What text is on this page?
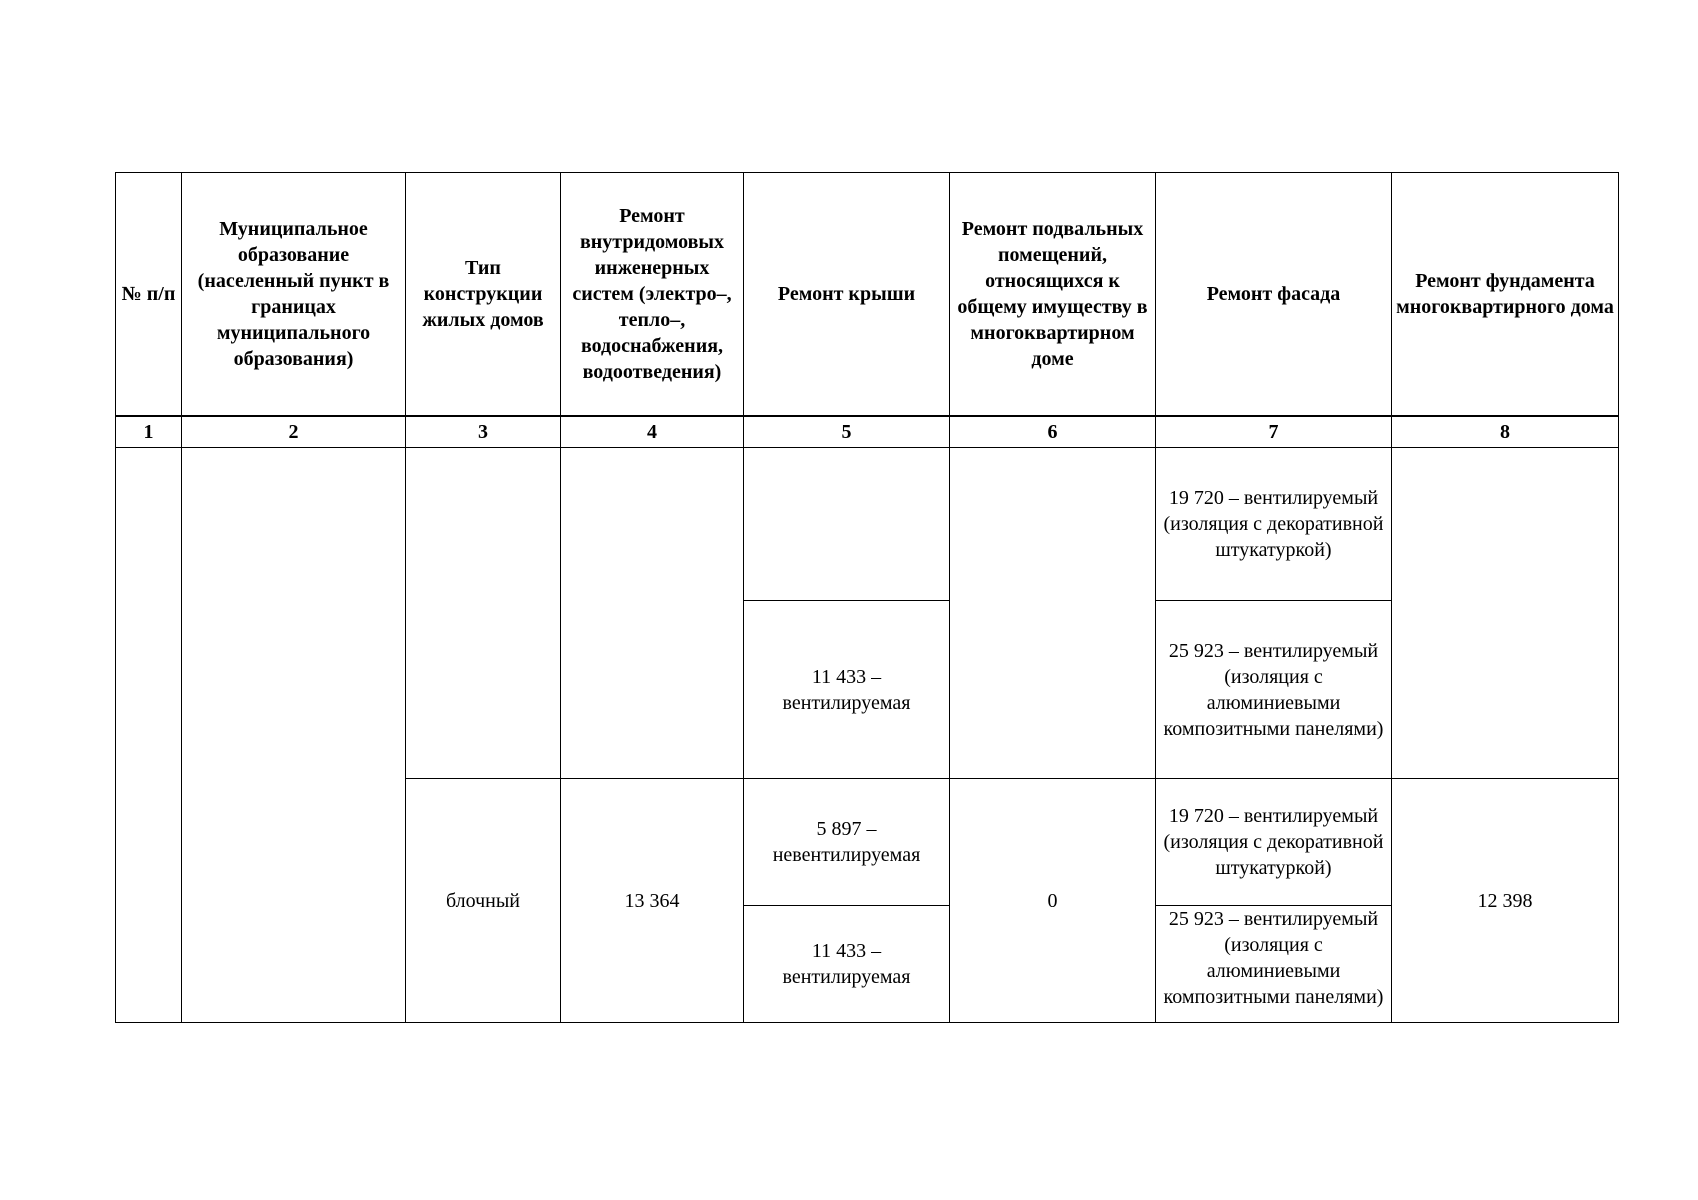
№ п/п	Муниципальное образование (населенный пункт в границах муниципального образования)	Тип конструкции жилых домов	Ремонт внутридомовых инженерных систем (электро–, тепло–, водоснабжения, водоотведения)	Ремонт крыши	Ремонт подвальных помещений, относящихся к общему имуществу в многоквартирном доме	Ремонт фасада	Ремонт фундамента многоквартирного дома
1	2	3	4	5	6	7	8
						19 720 – вентилируемый (изоляция с декоративной штукатуркой)	
				11 433 – вентилируемая		25 923 – вентилируемый (изоляция с алюминиевыми композитными панелями)	
		блочный	13 364	5 897 – невентилируемая	0	19 720 – вентилируемый (изоляция с декоративной штукатуркой)	12 398
						25 923 – вентилируемый (изоляция с алюминиевыми композитными панелями)	
				11 433 – вентилируемая			
